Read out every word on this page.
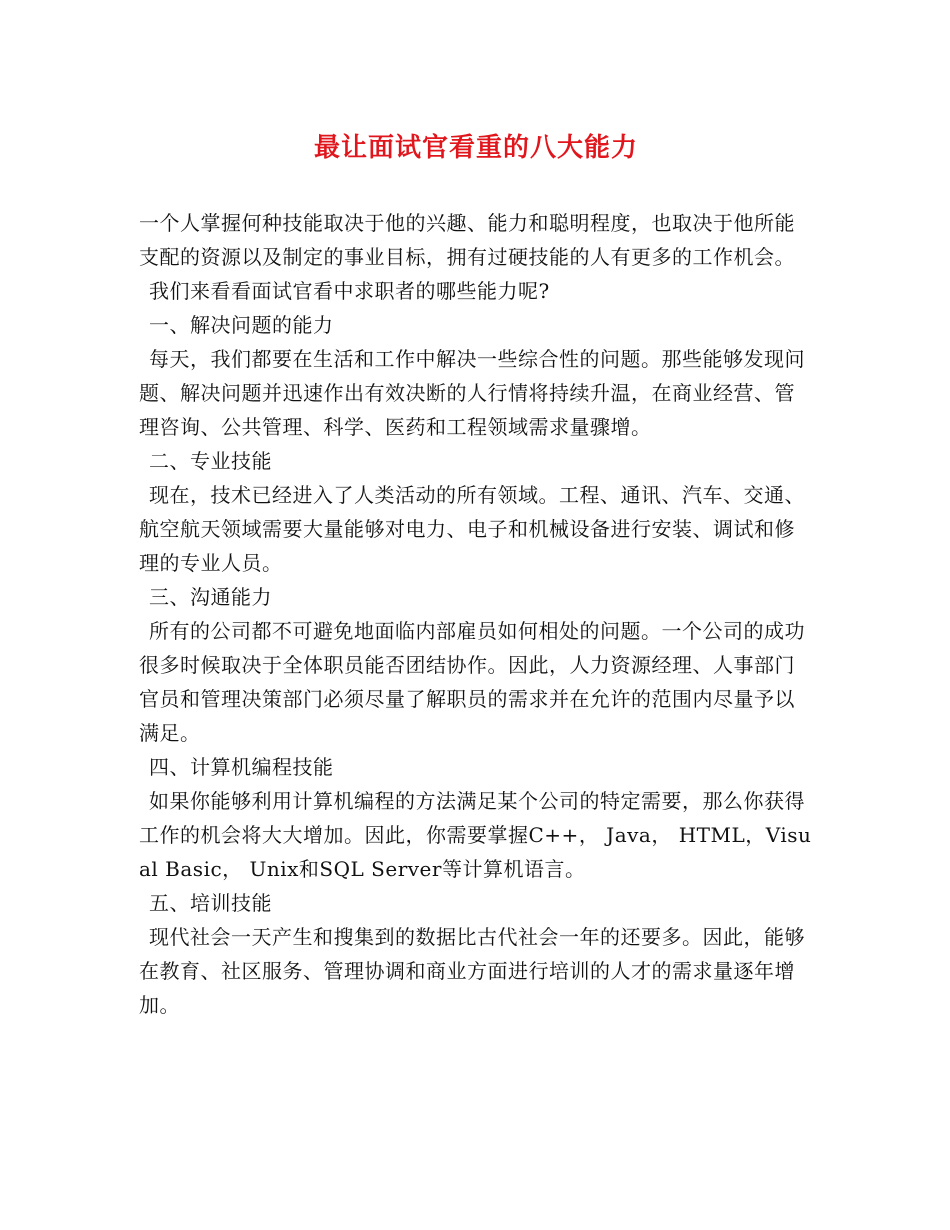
最让面试官看重的八大能力

一个人掌握何种技能取决于他的兴趣、能力和聪明程度，也取决于他所能支配的资源以及制定的事业目标，拥有过硬技能的人有更多的工作机会。

我们来看看面试官看中求职者的哪些能力呢?

一、解决问题的能力

每天，我们都要在生活和工作中解决一些综合性的问题。那些能够发现问题、解决问题并迅速作出有效决断的人行情将持续升温，在商业经营、管理咨询、公共管理、科学、医药和工程领域需求量骤增。

二、专业技能

现在，技术已经进入了人类活动的所有领域。工程、通讯、汽车、交通、航空航天领域需要大量能够对电力、电子和机械设备进行安装、调试和修理的专业人员。

三、沟通能力

所有的公司都不可避免地面临内部雇员如何相处的问题。一个公司的成功很多时候取决于全体职员能否团结协作。因此，人力资源经理、人事部门官员和管理决策部门必须尽量了解职员的需求并在允许的范围内尽量予以满足。

四、计算机编程技能

如果你能够利用计算机编程的方法满足某个公司的特定需要，那么你获得工作的机会将大大增加。因此，你需要掌握C++， Java， HTML，Visual Basic， Unix和SQL Server等计算机语言。

五、培训技能

现代社会一天产生和搜集到的数据比古代社会一年的还要多。因此，能够在教育、社区服务、管理协调和商业方面进行培训的人才的需求量逐年增加。
